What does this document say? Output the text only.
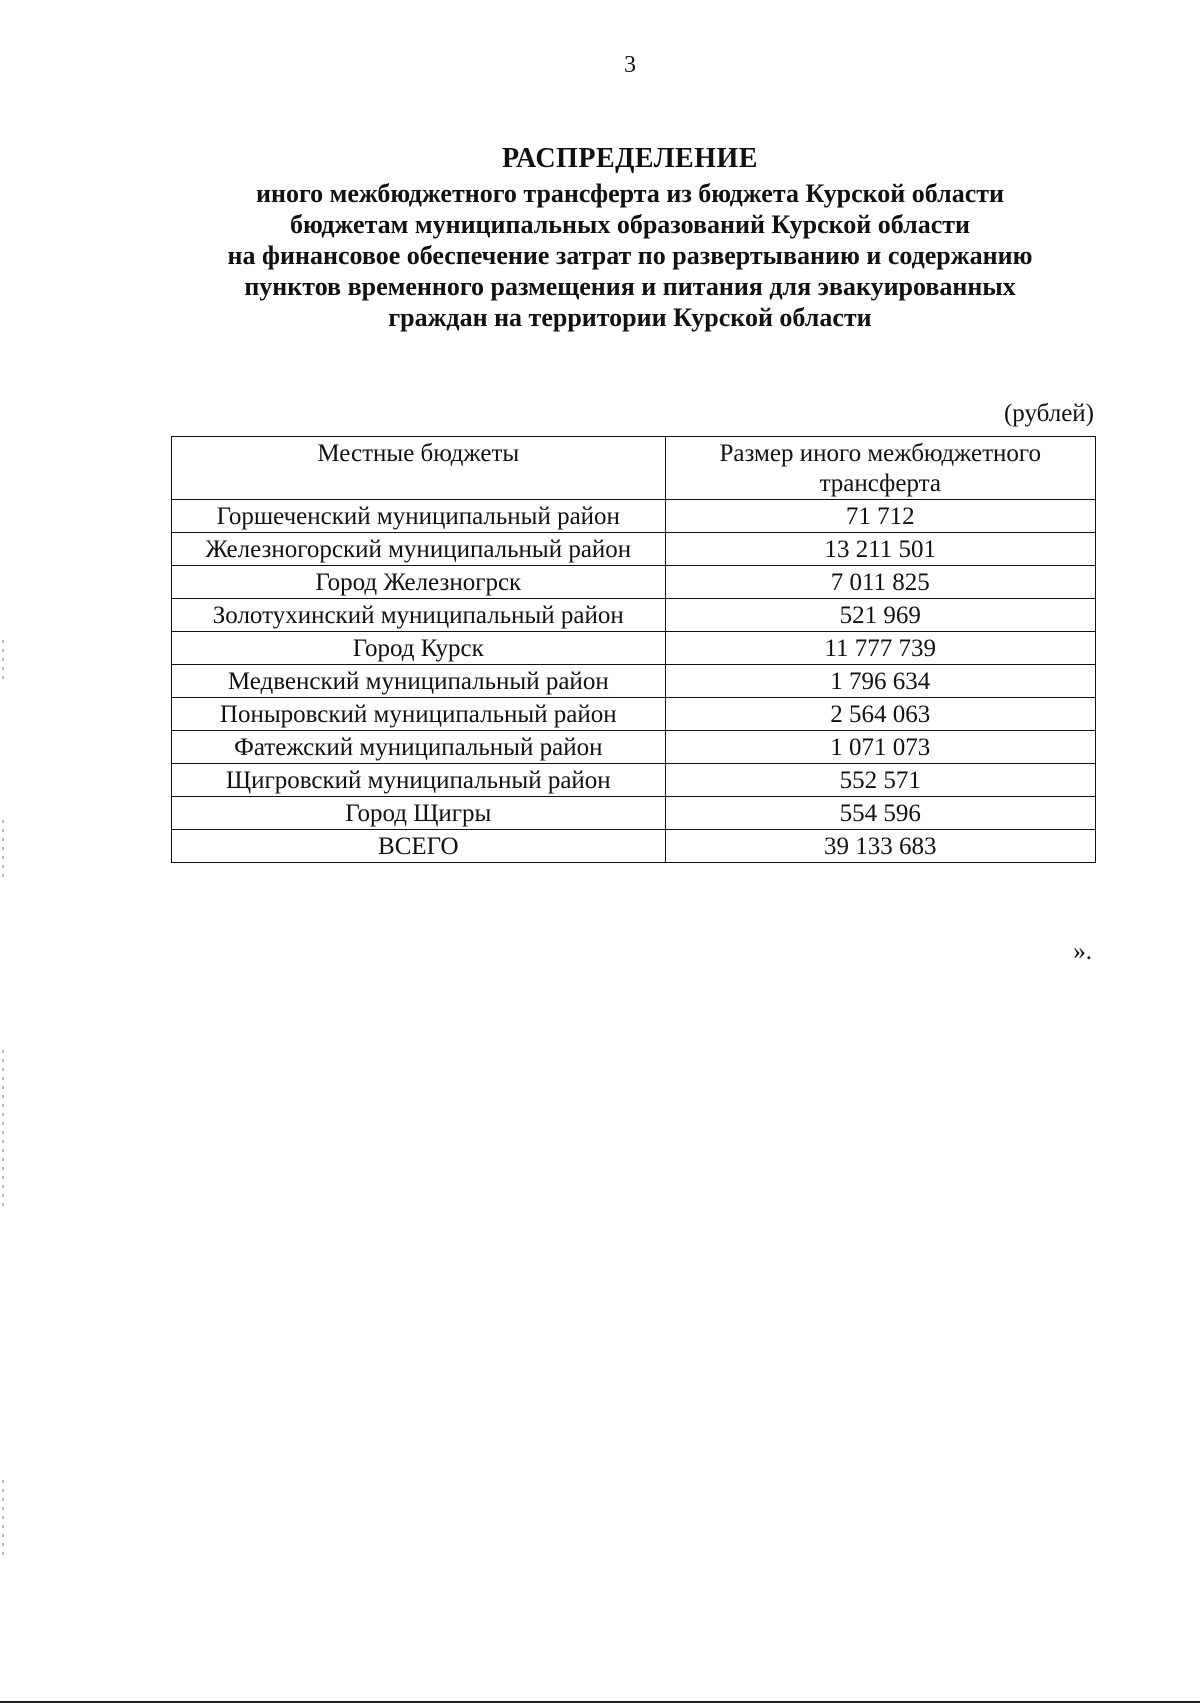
3
РАСПРЕДЕЛЕНИЕ
иного межбюджетного трансферта из бюджета Курской области
бюджетам муниципальных образований Курской области
на финансовое обеспечение затрат по развертыванию и содержанию
пунктов временного размещения и питания для эвакуированных
граждан на территории Курской области
(рублей)
Местные бюджеты	Размер иного межбюджетного трансферта
Горшеченский муниципальный район	71 712
Железногорский муниципальный район	13 211 501
Город Железногрск	7 011 825
Золотухинский муниципальный район	521 969
Город Курск	11 777 739
Медвенский муниципальный район	1 796 634
Поныровский муниципальный район	2 564 063
Фатежский муниципальный район	1 071 073
Щигровский муниципальный район	552 571
Город Щигры	554 596
ВСЕГО	39 133 683
».
